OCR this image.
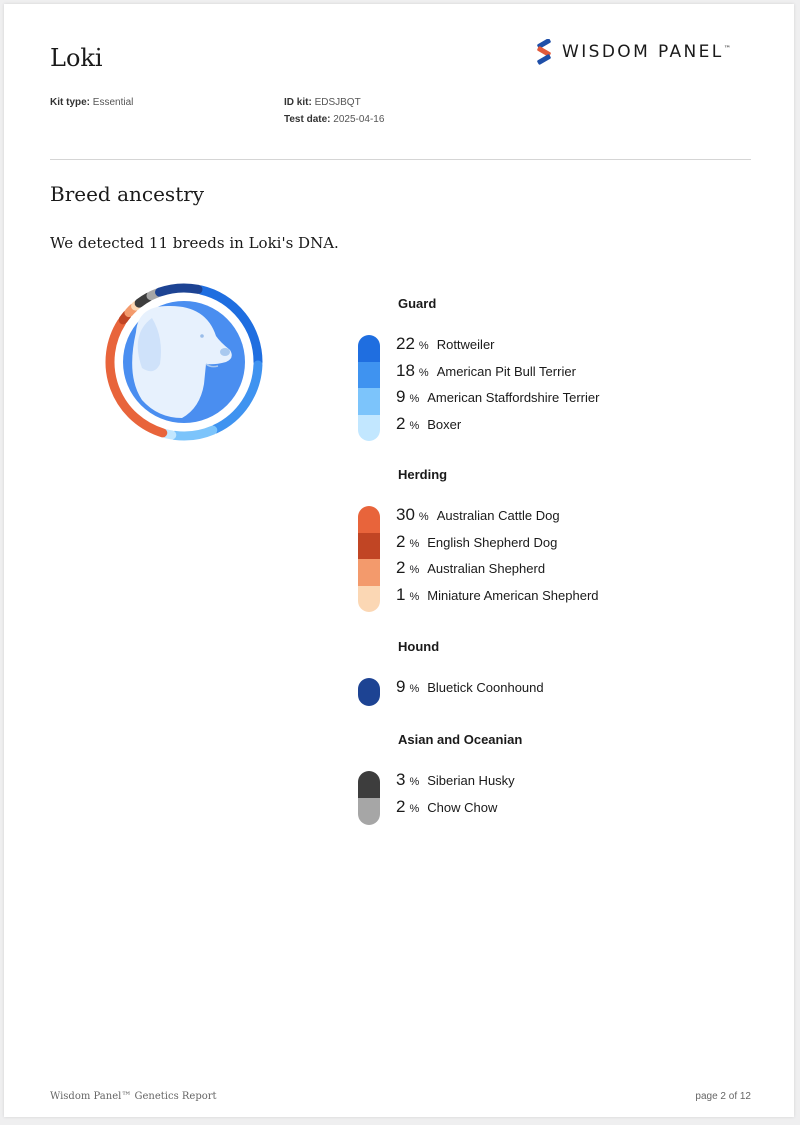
Loki	WISDOM PANEL™
Kit type: Essential	ID kit: EDSJBQT
Test date: 2025-04-16
Breed ancestry
We detected 11 breeds in Loki's DNA.
Guard
22 % Rottweiler
18 % American Pit Bull Terrier
9 % American Staffordshire Terrier
2 % Boxer
Herding
30 % Australian Cattle Dog
2 % English Shepherd Dog
2 % Australian Shepherd
1 % Miniature American Shepherd
Hound
9 % Bluetick Coonhound
Asian and Oceanian
3 % Siberian Husky
2 % Chow Chow
Wisdom Panel™ Genetics Report	page 2 of 12
